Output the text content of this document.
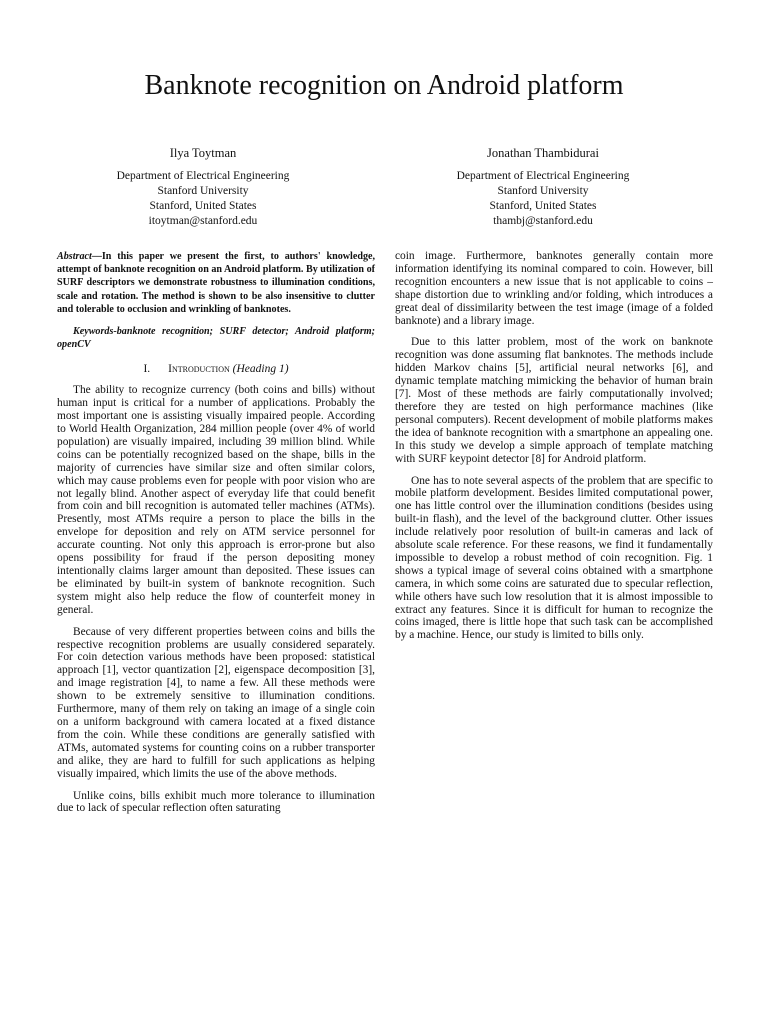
Banknote recognition on Android platform
Ilya Toytman
Department of Electrical Engineering
Stanford University
Stanford, United States
itoytman@stanford.edu
Jonathan Thambidurai
Department of Electrical Engineering
Stanford University
Stanford, United States
thambj@stanford.edu

Abstract—In this paper we present the first, to authors' knowledge, attempt of banknote recognition on an Android platform. By utilization of SURF descriptors we demonstrate robustness to illumination conditions, scale and rotation. The method is shown to be also insensitive to clutter and tolerable to occlusion and wrinkling of banknotes.

Keywords-banknote recognition; SURF detector; Android platform; openCV

I. Introduction (Heading 1)

The ability to recognize currency (both coins and bills) without human input is critical for a number of applications. Probably the most important one is assisting visually impaired people. According to World Health Organization, 284 million people (over 4% of world population) are visually impaired, including 39 million blind. While coins can be potentially recognized based on the shape, bills in the majority of currencies have similar size and often similar colors, which may cause problems even for people with poor vision who are not legally blind. Another aspect of everyday life that could benefit from coin and bill recognition is automated teller machines (ATMs). Presently, most ATMs require a person to place the bills in the envelope for deposition and rely on ATM service personnel for accurate counting. Not only this approach is error-prone but also opens possibility for fraud if the person depositing money intentionally claims larger amount than deposited. These issues can be eliminated by built-in system of banknote recognition. Such system might also help reduce the flow of counterfeit money in general.

Because of very different properties between coins and bills the respective recognition problems are usually considered separately. For coin detection various methods have been proposed: statistical approach [1], vector quantization [2], eigenspace decomposition [3], and image registration [4], to name a few. All these methods were shown to be extremely sensitive to illumination conditions. Furthermore, many of them rely on taking an image of a single coin on a uniform background with camera located at a fixed distance from the coin. While these conditions are generally satisfied with ATMs, automated systems for counting coins on a rubber transporter and alike, they are hard to fulfill for such applications as helping visually impaired, which limits the use of the above methods.

Unlike coins, bills exhibit much more tolerance to illumination due to lack of specular reflection often saturating

coin image. Furthermore, banknotes generally contain more information identifying its nominal compared to coin. However, bill recognition encounters a new issue that is not applicable to coins – shape distortion due to wrinkling and/or folding, which introduces a great deal of dissimilarity between the test image (image of a folded banknote) and a library image.

Due to this latter problem, most of the work on banknote recognition was done assuming flat banknotes. The methods include hidden Markov chains [5], artificial neural networks [6], and dynamic template matching mimicking the behavior of human brain [7]. Most of these methods are fairly computationally involved; therefore they are tested on high performance machines (like personal computers). Recent development of mobile platforms makes the idea of banknote recognition with a smartphone an appealing one. In this study we develop a simple approach of template matching with SURF keypoint detector [8] for Android platform.

One has to note several aspects of the problem that are specific to mobile platform development. Besides limited computational power, one has little control over the illumination conditions (besides using built-in flash), and the level of the background clutter. Other issues include relatively poor resolution of built-in cameras and lack of absolute scale reference. For these reasons, we find it fundamentally impossible to develop a robust method of coin recognition. Fig. 1 shows a typical image of several coins obtained with a smartphone camera, in which some coins are saturated due to specular reflection, while others have such low resolution that it is almost impossible to extract any features. Since it is difficult for human to recognize the coins imaged, there is little hope that such task can be accomplished by a machine. Hence, our study is limited to bills only.
